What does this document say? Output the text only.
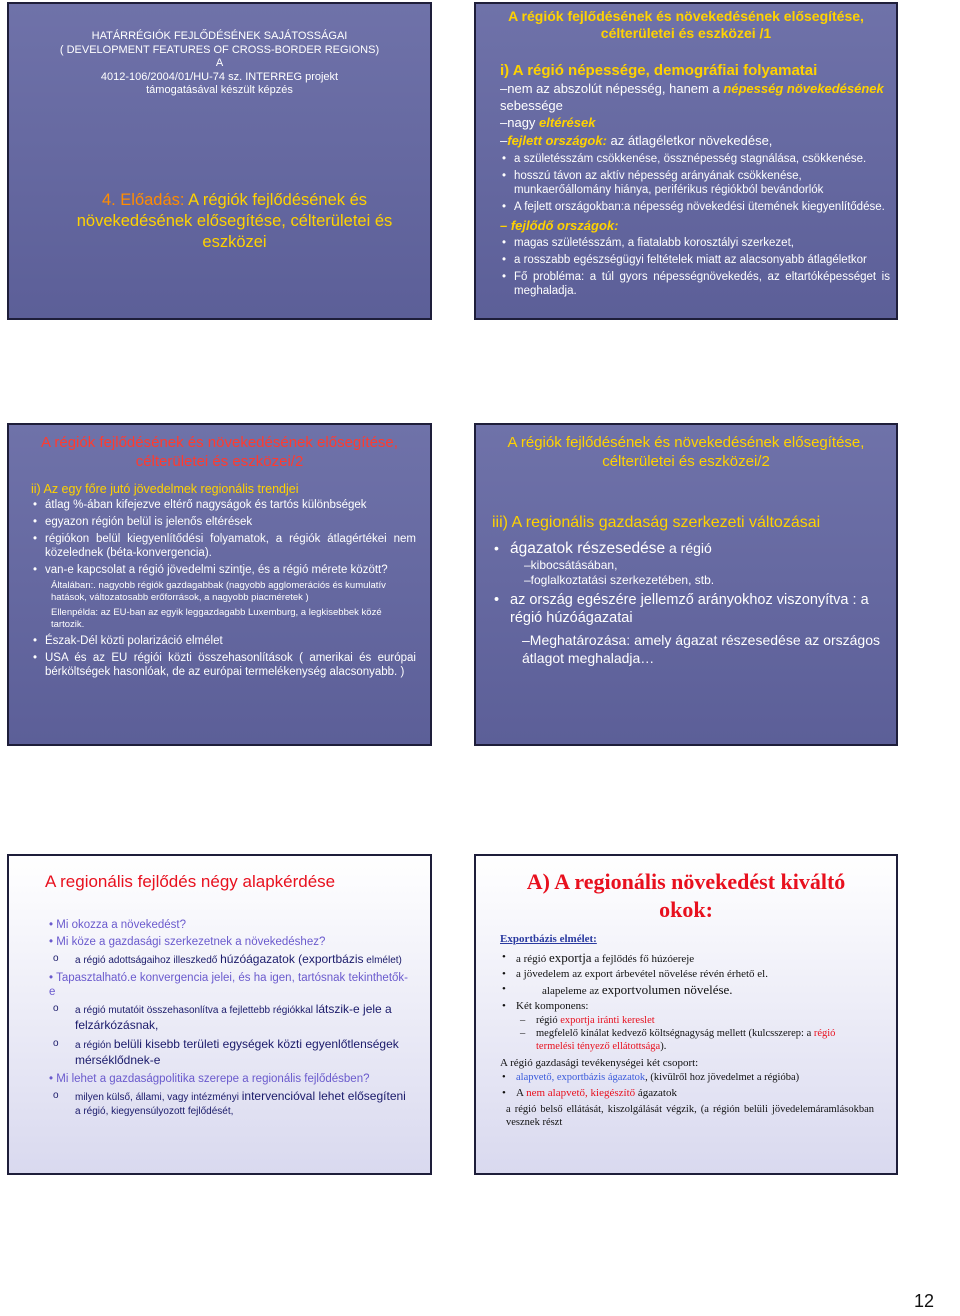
HATÁRRÉGIÓK FEJLŐDÉSÉNEK SAJÁTOSSÁGAI
( DEVELOPMENT FEATURES OF CROSS-BORDER REGIONS)
A
4012-106/2004/01/HU-74 sz. INTERREG projekt
támogatásával készült képzés
4. Előadás: A régiók fejlődésének és növekedésének elősegítése, célterületei és eszközei
A régiók fejlődésének és növekedésének elősegítése, célterületei és eszközei /1
i) A régió népessége, demográfiai folyamatai
–nem az abszolút népesség, hanem a népesség növekedésének sebessége
–nagy eltérések
–fejlett országok: az átlagéletkor növekedése,
• a születésszám csökkenése, össznépesség stagnálása, csökkenése.
• hosszú távon az aktív népesség arányának csökkenése, munkaerőállomány hiánya, periférikus régiókból bevándorlók
• A fejlett országokban:a népesség növekedési ütemének kiegyenlítődése.
– fejlődő országok:
• magas születésszám, a fiatalabb korosztályi szerkezet,
• a rosszabb egészségügyi feltételek miatt az alacsonyabb átlagéletkor
• Fő probléma: a túl gyors népességnövekedés, az eltartóképességet is meghaladja.
A régiók fejlődésének és növekedésének elősegítése, célterületei és eszközei/2
ii) Az egy főre jutó jövedelmek regionális trendjei
• átlag %-ában kifejezve eltérő nagyságok és tartós különbségek
• egyazon régión belül is jelenős eltérések
• régiókon belül kiegyenlítődési folyamatok, a régiók átlagértékei nem közelednek (béta-konvergencia).
• van-e kapcsolat a régió jövedelmi szintje, és a régió mérete között?
Általában:. nagyobb régiók gazdagabbak (nagyobb agglomerációs és kumulatív hatások, változatosabb erőforrások, a nagyobb piacméretek )
Ellenpélda: az EU-ban az egyik leggazdagabb Luxemburg, a legkisebbek közé tartozik.
• Észak-Dél közti polarizáció elmélet
• USA és az EU régiói közti összehasonlítások ( amerikai és európai bérköltségek hasonlóak, de az európai termelékenység alacsonyabb. )
A régiók fejlődésének és növekedésének elősegítése, célterületei és eszközei/2
iii) A regionális gazdaság szerkezeti változásai
• ágazatok részesedése a régió
–kibocsátásában,
–foglalkoztatási szerkezetében, stb.
• az ország egészére jellemző arányokhoz viszonyítva : a régió húzóágazatai
–Meghatározása: amely ágazat részesedése az országos átlagot meghaladja…
A regionális fejlődés négy alapkérdése
• Mi okozza a növekedést?
• Mi köze a gazdasági szerkezetnek a növekedéshez?
o a régió adottságaihoz illeszkedő húzóágazatok (exportbázis elmélet)
• Tapasztalható.e konvergencia jelei, és ha igen, tartósnak tekinthetők-e
o a régió mutatóit összehasonlítva a fejlettebb régiókkal látszik-e jele a felzárkózásnak,
o a régión belüli kisebb területi egységek közti egyenlőtlenségek mérséklődnek-e
• Mi lehet a gazdaságpolitika szerepe a regionális fejlődésben?
o milyen külső, állami, vagy intézményi intervencióval lehet elősegíteni a régió, kiegyensúlyozott fejlődését,
A) A regionális növekedést kiváltó okok:
Exportbázis elmélet:
• a régió exportja a fejlődés fő húzóereje
• a jövedelem az export árbevétel növelése révén érhető el.
•	alapeleme az exportvolumen növelése.
• Két komponens:
– régió exportja iránti kereslet
– megfelelő kínálat kedvező költségnagyság mellett (kulcsszerep: a régió termelési tényező ellátottsága).
A régió gazdasági tevékenységei két csoport:
• alapvető, exportbázis ágazatok, (kivülről hoz jövedelmet a régióba)
• A nem alapvető, kiegészítő ágazatok
a régió belső ellátását, kiszolgálását végzik, (a régión belüli jövedelemáramlásokban vesznek részt
12
